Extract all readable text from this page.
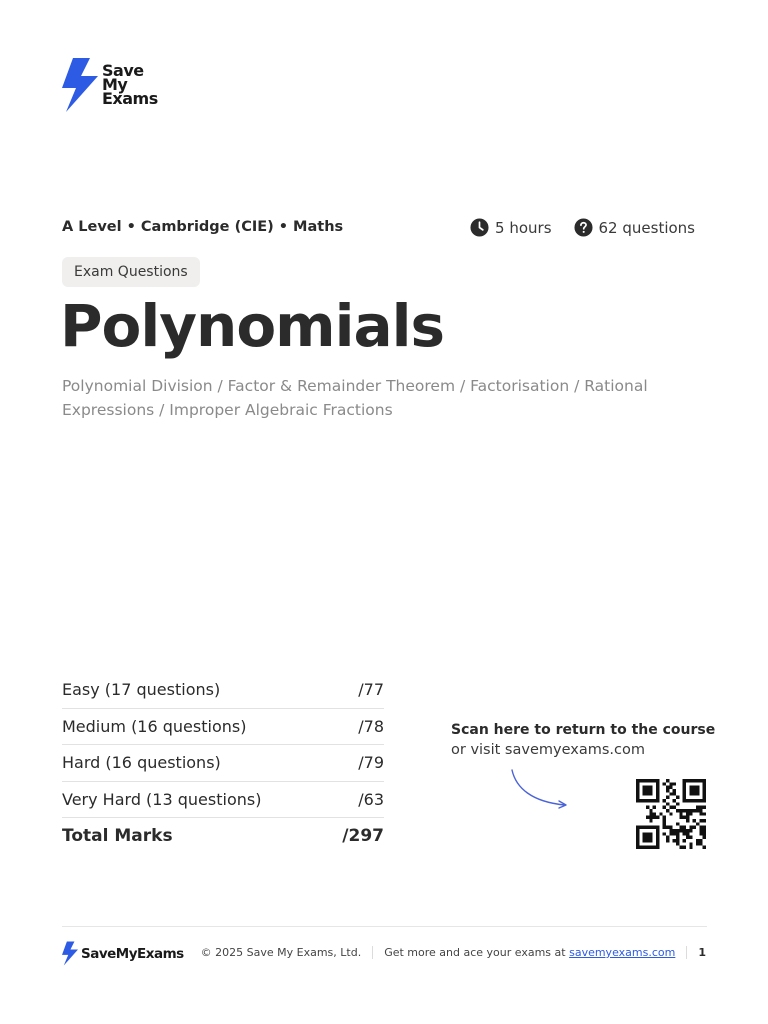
Save
My
Exams
A Level • Cambridge (CIE) • Maths	5 hours	62 questions
Exam Questions
Polynomials

Polynomial Division / Factor & Remainder Theorem / Factorisation / Rational Expressions / Improper Algebraic Fractions

Easy (17 questions)	/77
Medium (16 questions)	/78
Hard (16 questions)	/79
Very Hard (13 questions)	/63
Total Marks	/297
Scan here to return to the course
or visit savemyexams.com
SaveMyExams © 2025 Save My Exams, Ltd. Get more and ace your exams at savemyexams.com 1
